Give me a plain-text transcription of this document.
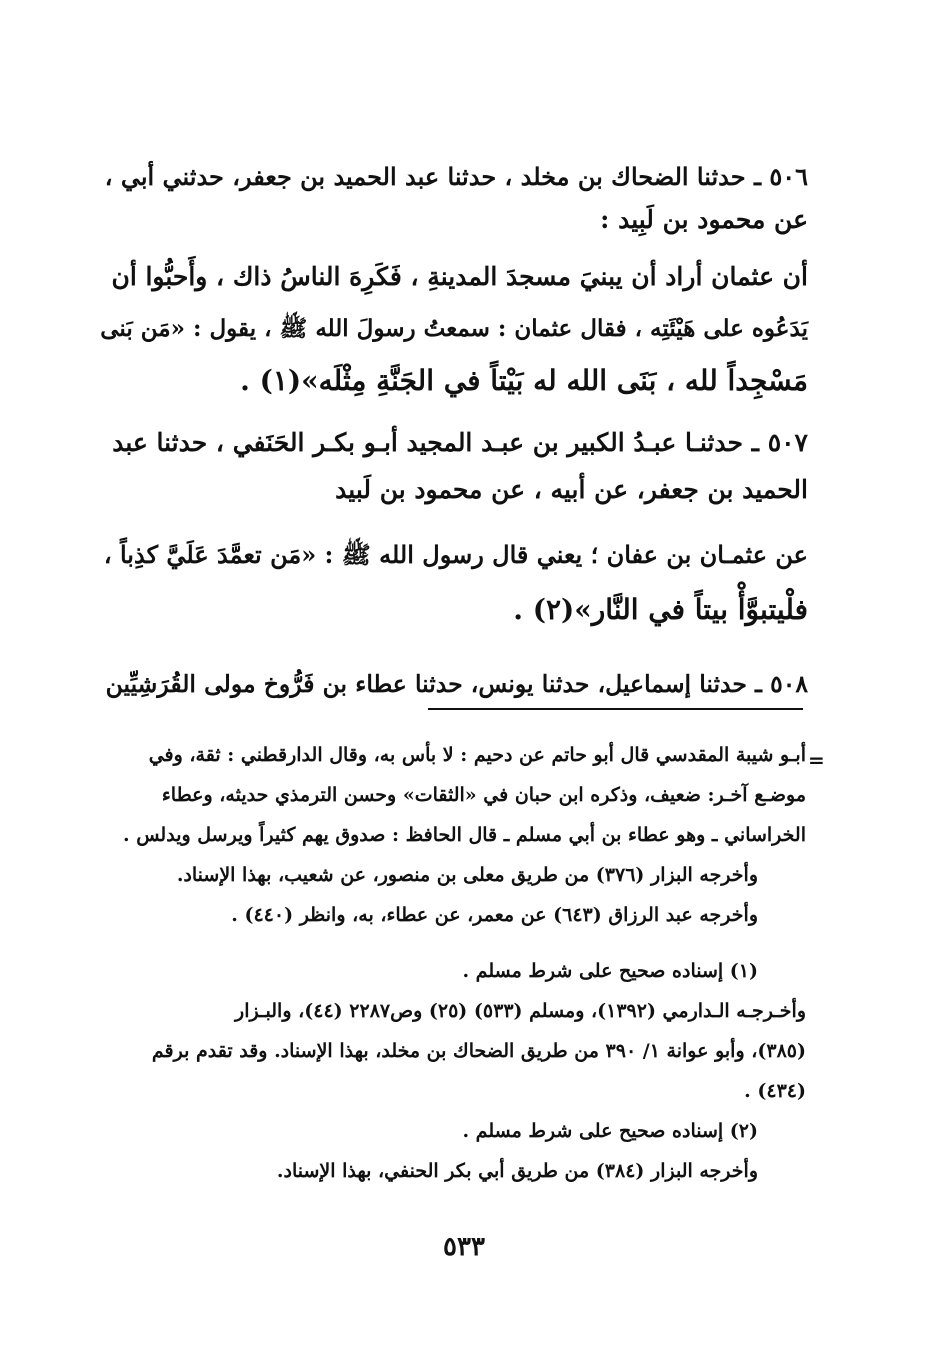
٥٠٦ ـ حدثنا الضحاك بن مخلد ، حدثنا عبد الحميد بن جعفر، حدثني أبي ،
عن محمود بن لَبِيد :
أن عثمان أراد أن يبنيَ مسجدَ المدينةِ ، فَكَرِهَ الناسُ ذاك ، وأَحبُّوا أن
يَدَعُوه على هَيْئَتِه ، فقال عثمان : سمعتُ رسولَ الله ﷺ ، يقول : «مَن بَنى
مَسْجِداً لله ، بَنَى الله له بَيْتاً في الجَنَّةِ مِثْلَه»(١) .
٥٠٧ ـ حدثنـا عبـدُ الكبير بن عبـد المجيد أبـو بكـر الحَنَفي ، حدثنا عبد
الحميد بن جعفر، عن أبيه ، عن محمود بن لَبيد
عن عثمـان بن عفان ؛ يعني قال رسول الله ﷺ : «مَن تعمَّدَ عَلَيَّ كذِباً ،
فلْيتبوَّأْ بيتاً في النَّار»(٢) .
٥٠٨ ـ حدثنا إسماعيل، حدثنا يونس، حدثنا عطاء بن فَرُّوخ مولى القُرَشِيِّين
=
أبـو شيبة المقدسي قال أبو حاتم عن دحيم : لا بأس به، وقال الدارقطني : ثقة، وفي
موضـع آخـر: ضعيف، وذكره ابن حبان في «الثقات» وحسن الترمذي حديثه، وعطاء
الخراساني ـ وهو عطاء بن أبي مسلم ـ قال الحافظ : صدوق يهم كثيراً ويرسل ويدلس .
وأخرجه البزار (٣٧٦) من طريق معلى بن منصور، عن شعيب، بهذا الإسناد.
وأخرجه عبد الرزاق (٦٤٣) عن معمر، عن عطاء، به، وانظر (٤٤٠) .
(١) إسناده صحيح على شرط مسلم .
وأخـرجـه الـدارمي (١٣٩٢)، ومسلم (٥٣٣) (٢٥) وص٢٢٨٧ (٤٤)، والبـزار
(٣٨٥)، وأبو عوانة ١/ ٣٩٠ من طريق الضحاك بن مخلد، بهذا الإسناد. وقد تقدم برقم
(٤٣٤) .
(٢) إسناده صحيح على شرط مسلم .
وأخرجه البزار (٣٨٤) من طريق أبي بكر الحنفي، بهذا الإسناد.
٥٣٣
